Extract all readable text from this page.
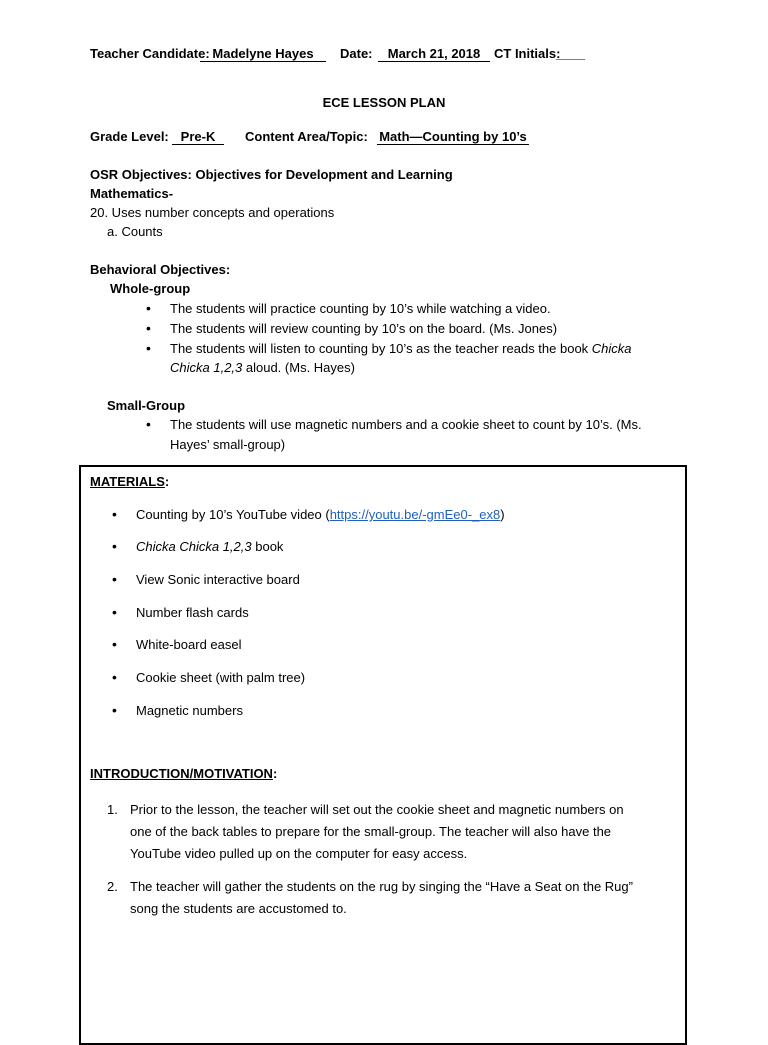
Teacher Candidate: Madelyne Hayes	Date:	March 21, 2018	CT Initials:
____
ECE LESSON PLAN
Grade Level: Pre-K	Content Area/Topic: Math—Counting by 10’s
OSR Objectives: Objectives for Development and Learning
Mathematics-
20. Uses number concepts and operations
a. Counts
Behavioral Objectives:
Whole-group
• The students will practice counting by 10’s while watching a video.
• The students will review counting by 10’s on the board. (Ms. Jones)
• The students will listen to counting by 10’s as the teacher reads the book Chicka
Chicka 1,2,3 aloud. (Ms. Hayes)
Small-Group
• The students will use magnetic numbers and a cookie sheet to count by 10’s. (Ms.
Hayes’ small-group)
MATERIALS:
• Counting by 10’s YouTube video (https://youtu.be/-gmEe0-_ex8)
• Chicka Chicka 1,2,3 book
• View Sonic interactive board
• Number flash cards
• White-board easel
• Cookie sheet (with palm tree)
• Magnetic numbers
INTRODUCTION/MOTIVATION:
1. Prior to the lesson, the teacher will set out the cookie sheet and magnetic numbers on
one of the back tables to prepare for the small-group. The teacher will also have the
YouTube video pulled up on the computer for easy access.
2. The teacher will gather the students on the rug by singing the “Have a Seat on the Rug”
song the students are accustomed to.
